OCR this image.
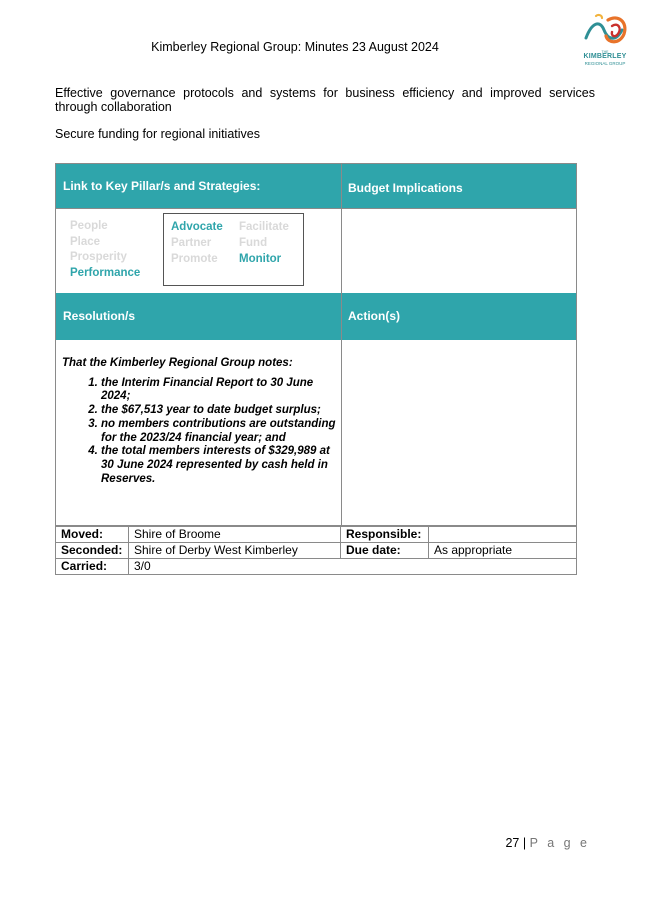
Kimberley Regional Group: Minutes 23 August 2024	THE
KIMBERLEY
REGIONAL GROUP
Effective governance protocols and systems for business efficiency and improved services through collaboration
Secure funding for regional initiatives
Link to Key Pillar/s and Strategies:	Budget Implications
People
Place
Prosperity
Performance
Advocate
Partner
Promote
Facilitate
Fund
Monitor
Resolution/s	Action(s)
That the Kimberley Regional Group notes:
1. the Interim Financial Report to 30 June 2024;
2. the $67,513 year to date budget surplus;
3. no members contributions are outstanding for the 2023/24 financial year; and
4. the total members interests of $329,989 at 30 June 2024 represented by cash held in Reserves.
Moved:	Shire of Broome	Responsible:
Seconded: Shire of Derby West Kimberley	Due date:	As appropriate
Carried:	3/0
27 | P a g e
